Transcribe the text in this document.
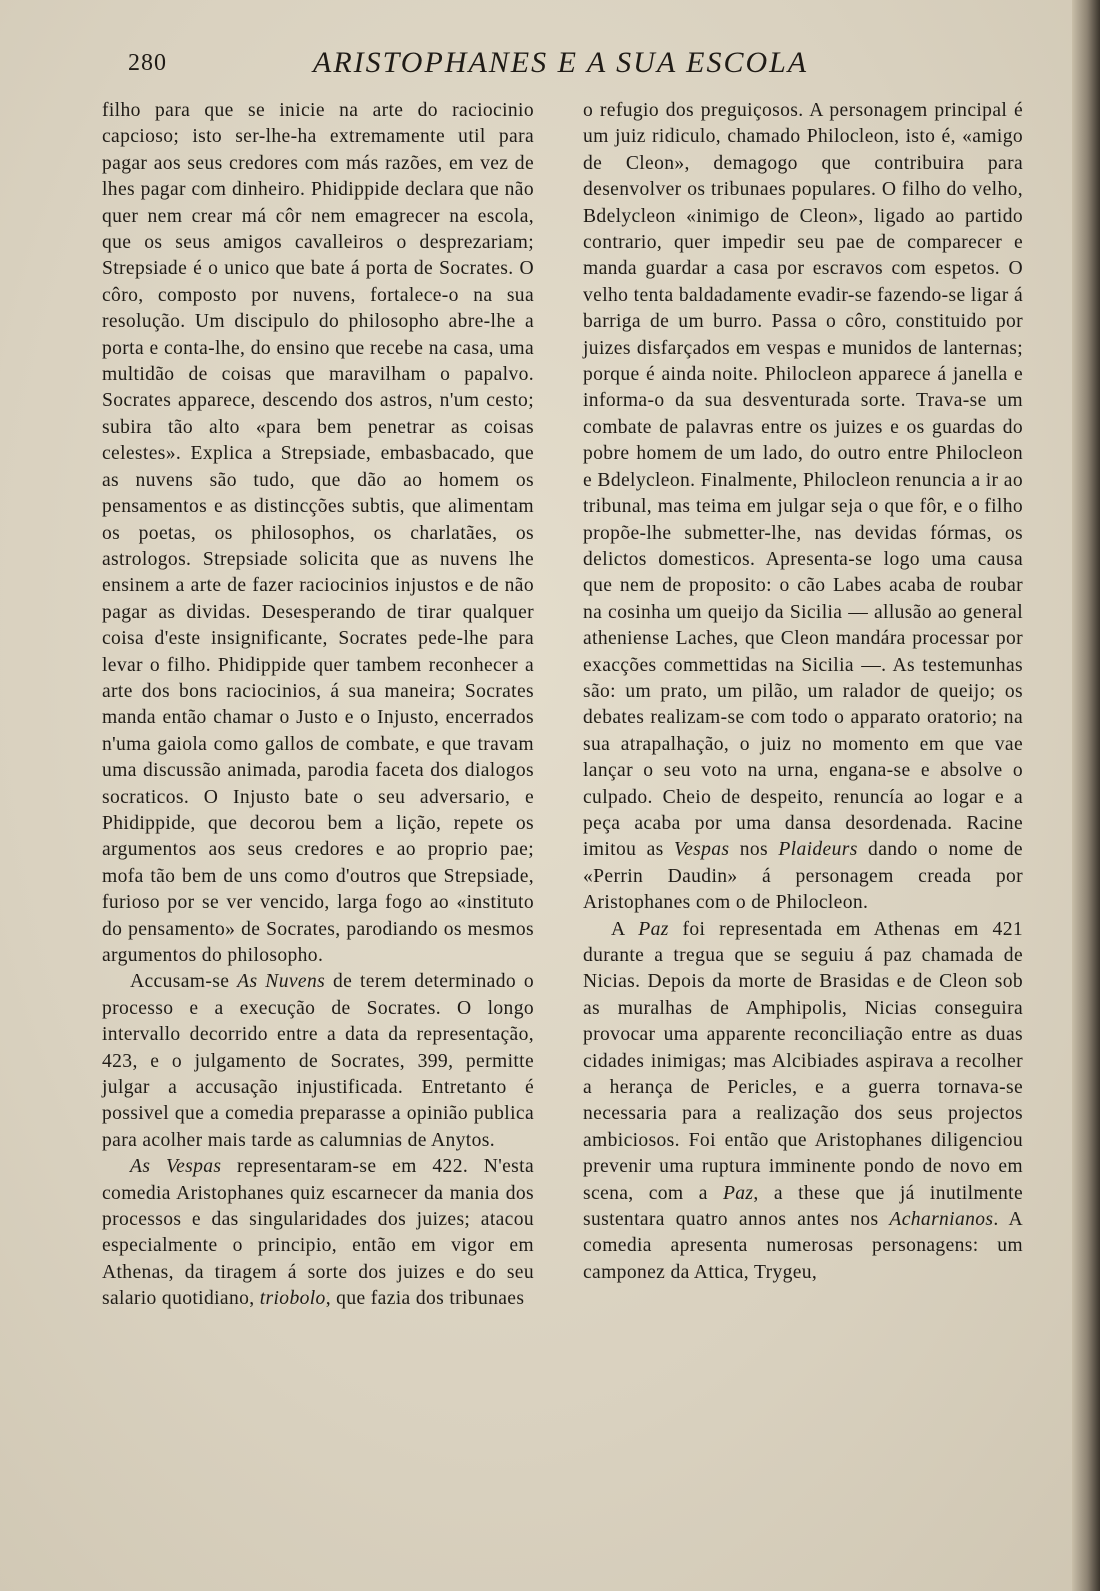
280	ARISTOPHANES E A SUA ESCOLA

filho para que se inicie na arte do raciocinio capcioso; isto ser-lhe-ha extremamente util para pagar aos seus credores com más razões, em vez de lhes pagar com dinheiro. Phidippide declara que não quer nem crear má côr nem emagrecer na escola, que os seus amigos cavalleiros o desprezariam; Strepsiade é o unico que bate á porta de Socrates. O côro, composto por nuvens, fortalece-o na sua resolução. Um discipulo do philosopho abre-lhe a porta e conta-lhe, do ensino que recebe na casa, uma multidão de coisas que maravilham o papalvo. Socrates apparece, descendo dos astros, n'um cesto; subira tão alto «para bem penetrar as coisas celestes». Explica a Strepsiade, embasbacado, que as nuvens são tudo, que dão ao homem os pensamentos e as distincções subtis, que alimentam os poetas, os philosophos, os charlatães, os astrologos. Strepsiade solicita que as nuvens lhe ensinem a arte de fazer raciocinios injustos e de não pagar as dividas. Desesperando de tirar qualquer coisa d'este insignificante, Socrates pede-lhe para levar o filho. Phidippide quer tambem reconhecer a arte dos bons raciocinios, á sua maneira; Socrates manda então chamar o Justo e o Injusto, encerrados n'uma gaiola como gallos de combate, e que travam uma discussão animada, parodia faceta dos dialogos socraticos. O Injusto bate o seu adversario, e Phidippide, que decorou bem a lição, repete os argumentos aos seus credores e ao proprio pae; mofa tão bem de uns como d'outros que Strepsiade, furioso por se ver vencido, larga fogo ao «instituto do pensamento» de Socrates, parodiando os mesmos argumentos do philosopho.

Accusam-se As Nuvens de terem determinado o processo e a execução de Socrates. O longo intervallo decorrido entre a data da representação, 423, e o julgamento de Socrates, 399, permitte julgar a accusação injustificada. Entretanto é possivel que a comedia preparasse a opinião publica para acolher mais tarde as calumnias de Anytos.

As Vespas representaram-se em 422. N'esta comedia Aristophanes quiz escarnecer da mania dos processos e das singularidades dos juizes; atacou especialmente o principio, então em vigor em Athenas, da tiragem á sorte dos juizes e do seu salario quotidiano, triobolo, que fazia dos tribunaes

o refugio dos preguiçosos. A personagem principal é um juiz ridiculo, chamado Philocleon, isto é, «amigo de Cleon», demagogo que contribuira para desenvolver os tribunaes populares. O filho do velho, Bdelycleon «inimigo de Cleon», ligado ao partido contrario, quer impedir seu pae de comparecer e manda guardar a casa por escravos com espetos. O velho tenta baldadamente evadir-se fazendo-se ligar á barriga de um burro. Passa o côro, constituido por juizes disfarçados em vespas e munidos de lanternas; porque é ainda noite. Philocleon apparece á janella e informa-o da sua desventurada sorte. Trava-se um combate de palavras entre os juizes e os guardas do pobre homem de um lado, do outro entre Philocleon e Bdelycleon. Finalmente, Philocleon renuncia a ir ao tribunal, mas teima em julgar seja o que fôr, e o filho propõe-lhe submetter-lhe, nas devidas fórmas, os delictos domesticos. Apresenta-se logo uma causa que nem de proposito: o cão Labes acaba de roubar na cosinha um queijo da Sicilia — allusão ao general atheniense Laches, que Cleon mandára processar por exacções commettidas na Sicilia —. As testemunhas são: um prato, um pilão, um ralador de queijo; os debates realizam-se com todo o apparato oratorio; na sua atrapalhação, o juiz no momento em que vae lançar o seu voto na urna, engana-se e absolve o culpado. Cheio de despeito, renuncía ao logar e a peça acaba por uma dansa desordenada. Racine imitou as Vespas nos Plaideurs dando o nome de «Perrin Daudin» á personagem creada por Aristophanes com o de Philocleon.

A Paz foi representada em Athenas em 421 durante a tregua que se seguiu á paz chamada de Nicias. Depois da morte de Brasidas e de Cleon sob as muralhas de Amphipolis, Nicias conseguira provocar uma apparente reconciliação entre as duas cidades inimigas; mas Alcibiades aspirava a recolher a herança de Pericles, e a guerra tornava-se necessaria para a realização dos seus projectos ambiciosos. Foi então que Aristophanes diligenciou prevenir uma ruptura imminente pondo de novo em scena, com a Paz, a these que já inutilmente sustentara quatro annos antes nos Acharnianos. A comedia apresenta numerosas personagens: um camponez da Attica, Trygeu,
